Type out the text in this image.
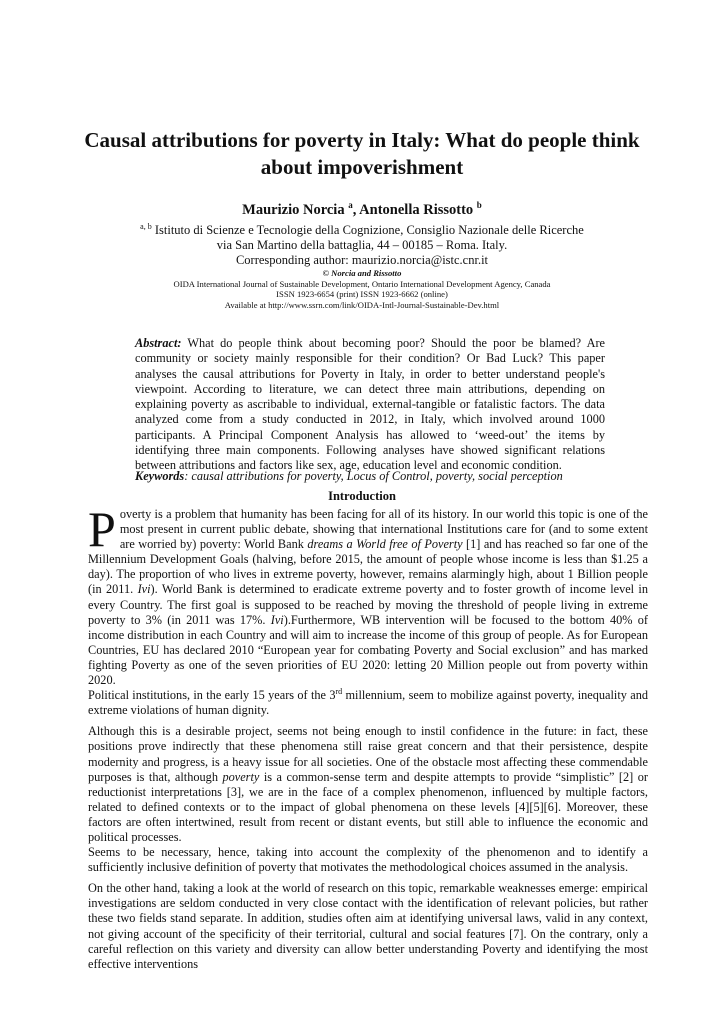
Causal attributions for poverty in Italy: What do people think about impoverishment
Maurizio Norcia $^a$, Antonella Rissotto $^b$
$^{a, b}$ Istituto di Scienze e Tecnologie della Cognizione, Consiglio Nazionale delle Ricerche
via San Martino della battaglia, 44 – 00185 – Roma. Italy.
Corresponding author: maurizio.norcia@istc.cnr.it
© Norcia and Rissotto
OIDA International Journal of Sustainable Development, Ontario International Development Agency, Canada
ISSN 1923-6654 (print) ISSN 1923-6662 (online)
Available at http://www.ssrn.com/link/OIDA-Intl-Journal-Sustainable-Dev.html
Abstract: What do people think about becoming poor? Should the poor be blamed? Are community or society mainly responsible for their condition? Or Bad Luck? This paper analyses the causal attributions for Poverty in Italy, in order to better understand people's viewpoint. According to literature, we can detect three main attributions, depending on explaining poverty as ascribable to individual, external-tangible or fatalistic factors. The data analyzed come from a study conducted in 2012, in Italy, which involved around 1000 participants. A Principal Component Analysis has allowed to ‘weed-out’ the items by identifying three main components. Following analyses have showed significant relations between attributions and factors like sex, age, education level and economic condition.
Keywords: causal attributions for poverty, Locus of Control, poverty, social perception
Introduction

Poverty is a problem that humanity has been facing for all of its history. In our world this topic is one of the most present in current public debate, showing that international Institutions care for (and to some extent are worried by) poverty: World Bank dreams a World free of Poverty [1] and has reached so far one of the Millennium Development Goals (halving, before 2015, the amount of people whose income is less than $1.25 a day). The proportion of who lives in extreme poverty, however, remains alarmingly high, about 1 Billion people (in 2011. Ivi). World Bank is determined to eradicate extreme poverty and to foster growth of income level in every Country. The first goal is supposed to be reached by moving the threshold of people living in extreme poverty to 3% (in 2011 was 17%. Ivi).Furthermore, WB intervention will be focused to the bottom 40% of income distribution in each Country and will aim to increase the income of this group of people. As for European Countries, EU has declared 2010 “European year for combating Poverty and Social exclusion” and has marked fighting Poverty as one of the seven priorities of EU 2020: letting 20 Million people out from poverty within 2020.

Political institutions, in the early 15 years of the 3rd millennium, seem to mobilize against poverty, inequality and extreme violations of human dignity.

Although this is a desirable project, seems not being enough to instil confidence in the future: in fact, these positions prove indirectly that these phenomena still raise great concern and that their persistence, despite modernity and progress, is a heavy issue for all societies. One of the obstacle most affecting these commendable purposes is that, although poverty is a common-sense term and despite attempts to provide “simplistic” [2] or reductionist interpretations [3], we are in the face of a complex phenomenon, influenced by multiple factors, related to defined contexts or to the impact of global phenomena on these levels [4][5][6]. Moreover, these factors are often intertwined, result from recent or distant events, but still able to influence the economic and political processes.

Seems to be necessary, hence, taking into account the complexity of the phenomenon and to identify a sufficiently inclusive definition of poverty that motivates the methodological choices assumed in the analysis.

On the other hand, taking a look at the world of research on this topic, remarkable weaknesses emerge: empirical investigations are seldom conducted in very close contact with the identification of relevant policies, but rather these two fields stand separate. In addition, studies often aim at identifying universal laws, valid in any context, not giving account of the specificity of their territorial, cultural and social features [7]. On the contrary, only a careful reflection on this variety and diversity can allow better understanding Poverty and identifying the most effective interventions
